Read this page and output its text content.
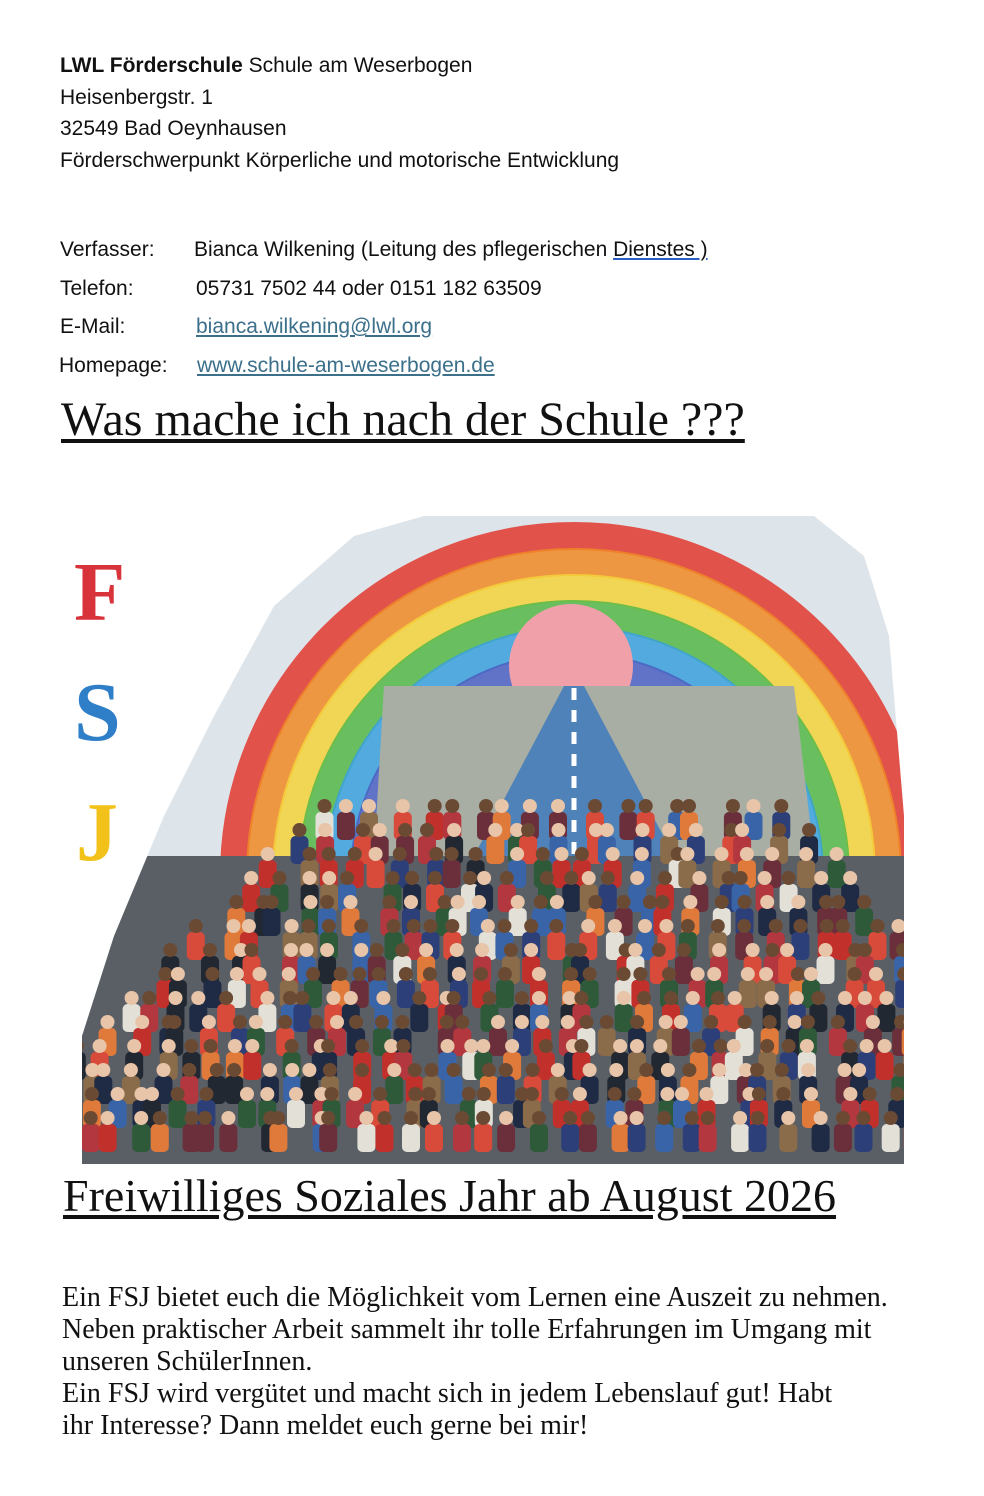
LWL Förderschule Schule am Weserbogen
Heisenbergstr. 1
32549 Bad Oeynhausen
Förderschwerpunkt Körperliche und motorische Entwicklung
Verfasser: Bianca Wilkening (Leitung des pflegerischen Dienstes )
Telefon:	05731 7502 44 oder 0151 182 63509
E-Mail:	bianca.wilkening@lwl.org
Homepage: www.schule-am-weserbogen.de
Was mache ich nach der Schule ???
F
S
J
Freiwilliges Soziales Jahr ab August 2026
Ein FSJ bietet euch die Möglichkeit vom Lernen eine Auszeit zu nehmen.
Neben praktischer Arbeit sammelt ihr tolle Erfahrungen im Umgang mit
unseren SchülerInnen.
Ein FSJ wird vergütet und macht sich in jedem Lebenslauf gut! Habt
ihr Interesse? Dann meldet euch gerne bei mir!
